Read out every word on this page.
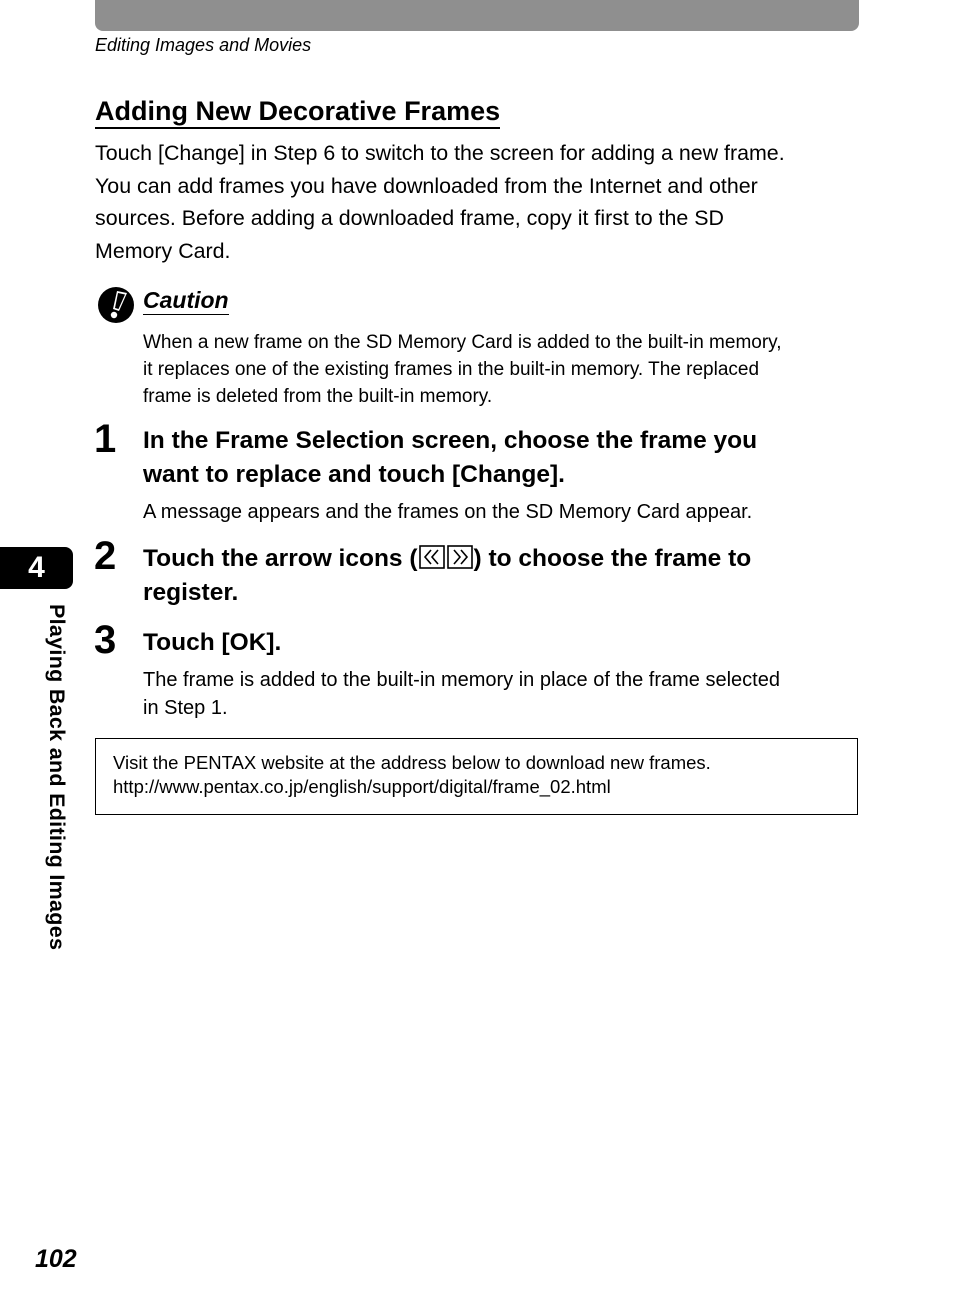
Editing Images and Movies
Adding New Decorative Frames
Touch [Change] in Step 6 to switch to the screen for adding a new frame.
You can add frames you have downloaded from the Internet and other
sources. Before adding a downloaded frame, copy it first to the SD
Memory Card.
Caution
When a new frame on the SD Memory Card is added to the built-in memory,
it replaces one of the existing frames in the built-in memory. The replaced
frame is deleted from the built-in memory.
1 In the Frame Selection screen, choose the frame you
want to replace and touch [Change].
A message appears and the frames on the SD Memory Card appear.
2 Touch the arrow icons ( ) to choose the frame to
register.
3 Touch [OK].
The frame is added to the built-in memory in place of the frame selected
in Step 1.
Visit the PENTAX website at the address below to download new frames.
http://www.pentax.co.jp/english/support/digital/frame_02.html
4
Playing Back and Editing Images
102
